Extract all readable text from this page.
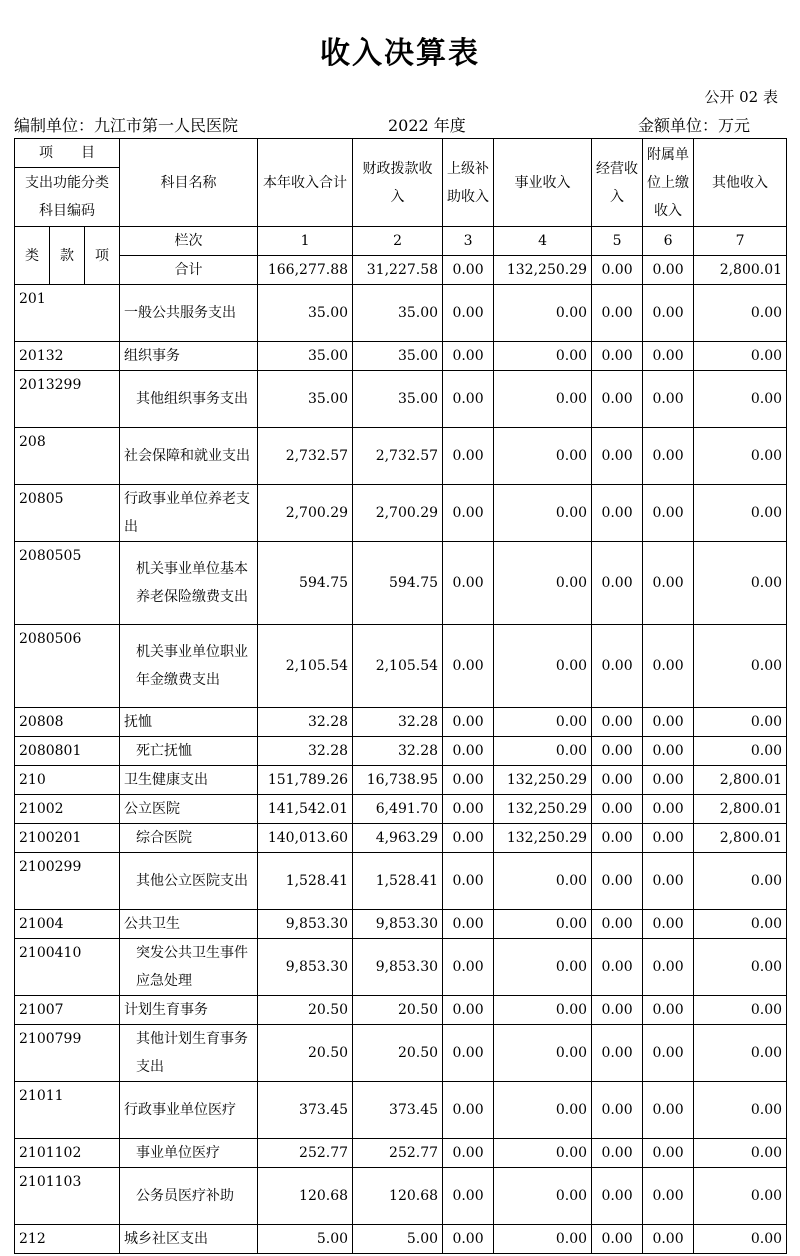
收入决算表
公开 02 表
编制单位：九江市第一人民医院	2022 年度	金额单位：万元
项　　目			科目名称	本年收入合计	财政拨款收入	上级补助收入	事业收入	经营收入	附属单位上缴收入	其他收入
支出功能分类科目编码										
类	款	项	栏次	1	2	3	4	5	6	7
			合计	166,277.88	31,227.58	0.00	132,250.29	0.00	0.00	2,800.01
201			一般公共服务支出	35.00	35.00	0.00	0.00	0.00	0.00	0.00
20132			组织事务	35.00	35.00	0.00	0.00	0.00	0.00	0.00
2013299			其他组织事务支出	35.00	35.00	0.00	0.00	0.00	0.00	0.00
208			社会保障和就业支出	2,732.57	2,732.57	0.00	0.00	0.00	0.00	0.00
20805			行政事业单位养老支出	2,700.29	2,700.29	0.00	0.00	0.00	0.00	0.00
2080505			机关事业单位基本养老保险缴费支出	594.75	594.75	0.00	0.00	0.00	0.00	0.00
2080506			机关事业单位职业年金缴费支出	2,105.54	2,105.54	0.00	0.00	0.00	0.00	0.00
20808			抚恤	32.28	32.28	0.00	0.00	0.00	0.00	0.00
2080801			死亡抚恤	32.28	32.28	0.00	0.00	0.00	0.00	0.00
210			卫生健康支出	151,789.26	16,738.95	0.00	132,250.29	0.00	0.00	2,800.01
21002			公立医院	141,542.01	6,491.70	0.00	132,250.29	0.00	0.00	2,800.01
2100201			综合医院	140,013.60	4,963.29	0.00	132,250.29	0.00	0.00	2,800.01
2100299			其他公立医院支出	1,528.41	1,528.41	0.00	0.00	0.00	0.00	0.00
21004			公共卫生	9,853.30	9,853.30	0.00	0.00	0.00	0.00	0.00
2100410			突发公共卫生事件应急处理	9,853.30	9,853.30	0.00	0.00	0.00	0.00	0.00
21007			计划生育事务	20.50	20.50	0.00	0.00	0.00	0.00	0.00
2100799			其他计划生育事务支出	20.50	20.50	0.00	0.00	0.00	0.00	0.00
21011			行政事业单位医疗	373.45	373.45	0.00	0.00	0.00	0.00	0.00
2101102			事业单位医疗	252.77	252.77	0.00	0.00	0.00	0.00	0.00
2101103			公务员医疗补助	120.68	120.68	0.00	0.00	0.00	0.00	0.00
212			城乡社区支出	5.00	5.00	0.00	0.00	0.00	0.00	0.00
